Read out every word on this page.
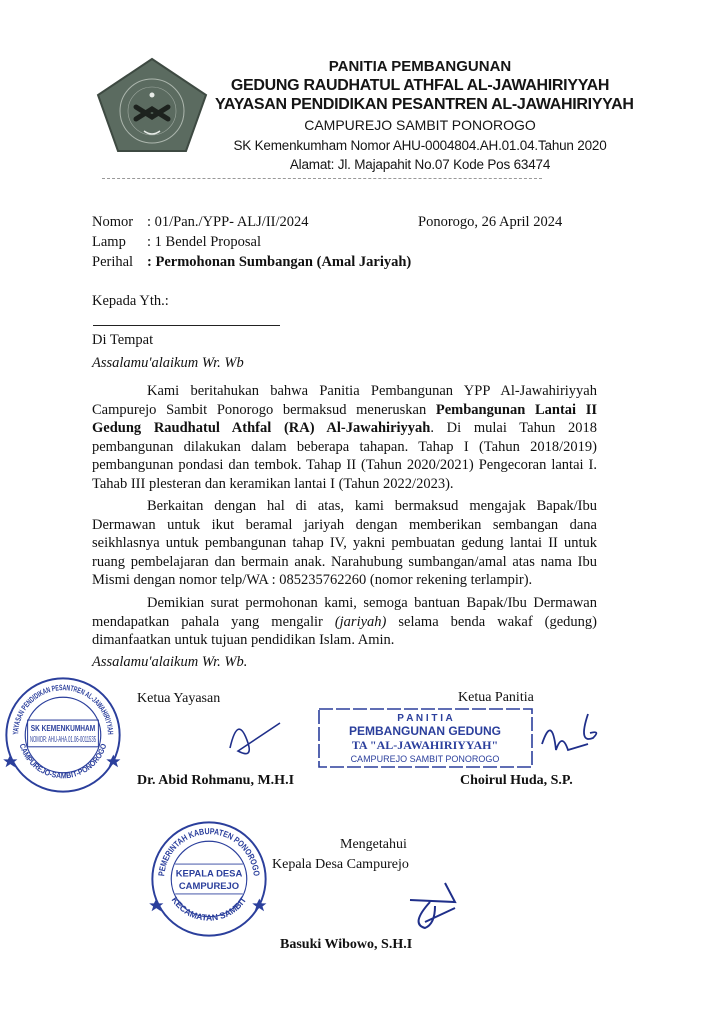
PANITIA PEMBANGUNAN
GEDUNG RAUDHATUL ATHFAL AL-JAWAHIRIYYAH
YAYASAN PENDIDIKAN PESANTREN AL-JAWAHIRIYYAH
CAMPUREJO SAMBIT PONOROGO
SK Kemenkumham Nomor AHU-0004804.AH.01.04.Tahun 2020
Alamat: Jl. Majapahit No.07 Kode Pos 63474
Nomor : 01/Pan./YPP- ALJ/II/2024
Lamp : 1 Bendel Proposal
Perihal : Permohonan Sumbangan (Amal Jariyah)
Ponorogo, 26 April 2024
Kepada Yth.:
Di Tempat
Assalamu'alaikum Wr. Wb
Kami beritahukan bahwa Panitia Pembangunan YPP Al-Jawahiriyyah Campurejo Sambit Ponorogo bermaksud meneruskan Pembangunan Lantai II Gedung Raudhatul Athfal (RA) Al-Jawahiriyyah. Di mulai Tahun 2018 pembangunan dilakukan dalam beberapa tahapan. Tahap I (Tahun 2018/2019) pembangunan pondasi dan tembok. Tahap II (Tahun 2020/2021) Pengecoran lantai I. Tahab III plesteran dan keramikan lantai I (Tahun 2022/2023).
Berkaitan dengan hal di atas, kami bermaksud mengajak Bapak/Ibu Dermawan untuk ikut beramal jariyah dengan memberikan sembangan dana seikhlasnya untuk pembangunan tahap IV, yakni pembuatan gedung lantai II untuk ruang pembelajaran dan bermain anak. Narahubung sumbangan/amal atas nama Ibu Mismi dengan nomor telp/WA : 085235762260 (nomor rekening terlampir).
Demikian surat permohonan kami, semoga bantuan Bapak/Ibu Dermawan mendapatkan pahala yang mengalir (jariyah) selama benda wakaf (gedung) dimanfaatkan untuk tujuan pendidikan Islam. Amin.
Assalamu'alaikum Wr. Wb.
YAYASAN PENDIDIKAN PESANTREN AL-JAWAHIRIYYAH
CAMPUREJO-SAMBIT-PONOROGO
SK KEMENKUMHAM
NOMOR: AHU-AHA.01.06-0011535
Ketua Yayasan
Dr. Abid Rohmanu, M.H.I
P A N I T I A
PEMBANGUNAN GEDUNG
TA "AL-JAWAHIRIYYAH"
CAMPUREJO SAMBIT PONOROGO
Ketua Panitia
Choirul Huda, S.P.
PEMERINTAH KABUPATEN PONOROGO
KECAMATAN SAMBIT
KEPALA DESA
CAMPUREJO
Mengetahui
Kepala Desa Campurejo
Basuki Wibowo, S.H.I
